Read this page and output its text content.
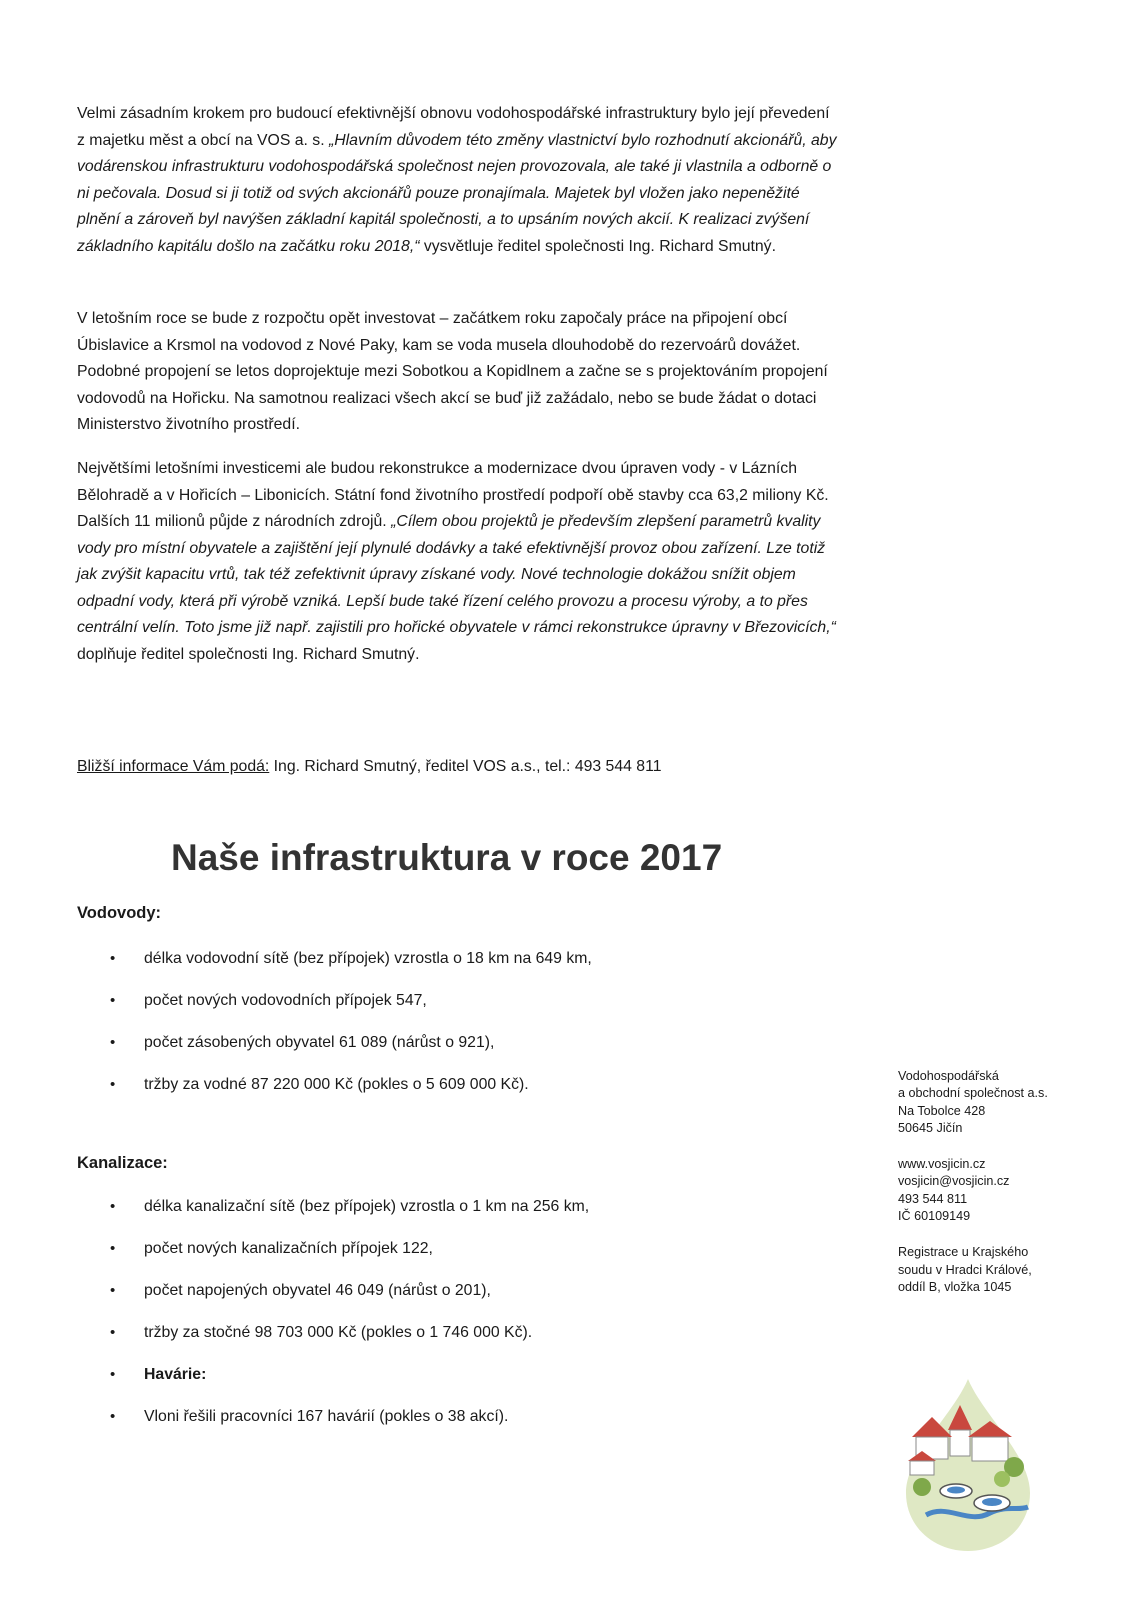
Velmi zásadním krokem pro budoucí efektivnější obnovu vodohospodářské infrastruktury bylo její převedení z majetku měst a obcí na VOS a. s. „Hlavním důvodem této změny vlastnictví bylo rozhodnutí akcionářů, aby vodárenskou infrastrukturu vodohospodářská společnost nejen provozovala, ale také ji vlastnila a odborně o ni pečovala. Dosud si ji totiž od svých akcionářů pouze pronajímala. Majetek byl vložen jako nepeněžité plnění a zároveň byl navýšen základní kapitál společnosti, a to upsáním nových akcií. K realizaci zvýšení základního kapitálu došlo na začátku roku 2018,“ vysvětluje ředitel společnosti Ing. Richard Smutný.

V letošním roce se bude z rozpočtu opět investovat – začátkem roku započaly práce na připojení obcí Úbislavice a Krsmol na vodovod z Nové Paky, kam se voda musela dlouhodobě do rezervoárů dovážet. Podobné propojení se letos doprojektuje mezi Sobotkou a Kopidlnem a začne se s projektováním propojení vodovodů na Hořicku. Na samotnou realizaci všech akcí se buď již zažádalo, nebo se bude žádat o dotaci Ministerstvo životního prostředí.

Největšími letošními investicemi ale budou rekonstrukce a modernizace dvou úpraven vody - v Lázních Bělohradě a v Hořicích – Libonicích. Státní fond životního prostředí podpoří obě stavby cca 63,2 miliony Kč. Dalších 11 milionů půjde z národních zdrojů. „Cílem obou projektů je především zlepšení parametrů kvality vody pro místní obyvatele a zajištění její plynulé dodávky a také efektivnější provoz obou zařízení. Lze totiž jak zvýšit kapacitu vrtů, tak též zefektivnit úpravy získané vody. Nové technologie dokážou snížit objem odpadní vody, která při výrobě vzniká. Lepší bude také řízení celého provozu a procesu výroby, a to přes centrální velín. Toto jsme již např. zajistili pro hořické obyvatele v rámci rekonstrukce úpravny v Březovicích,“ doplňuje ředitel společnosti Ing. Richard Smutný.

Bližší informace Vám podá: Ing. Richard Smutný, ředitel VOS a.s., tel.: 493 544 811
Naše infrastruktura v roce 2017
Vodovody:
• délka vodovodní sítě (bez přípojek) vzrostla o 18 km na 649 km,
• počet nových vodovodních přípojek 547,
• počet zásobených obyvatel 61 089 (nárůst o 921),
• tržby za vodné 87 220 000 Kč (pokles o 5 609 000 Kč).
Kanalizace:
• délka kanalizační sítě (bez přípojek) vzrostla o 1 km na 256 km,
• počet nových kanalizačních přípojek 122,
• počet napojených obyvatel 46 049 (nárůst o 201),
• tržby za stočné 98 703 000 Kč (pokles o 1 746 000 Kč).
• Havárie:
• Vloni řešili pracovníci 167 havárií (pokles o 38 akcí).

Vodohospodářská
a obchodní společnost a.s.
Na Tobolce 428
50645 Jičín

www.vosjicin.cz
vosjicin@vosjicin.cz
493 544 811
IČ 60109149

Registrace u Krajského
soudu v Hradci Králové,
oddíl B, vložka 1045
